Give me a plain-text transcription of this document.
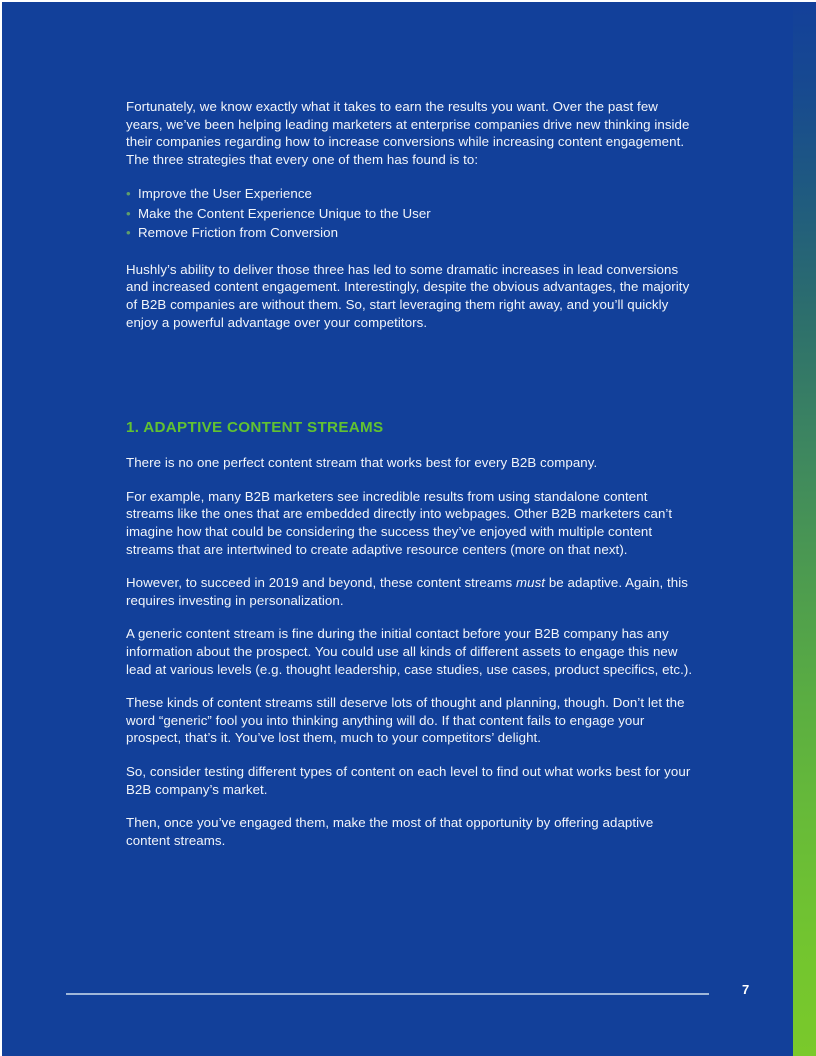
Fortunately, we know exactly what it takes to earn the results you want. Over the past few years, we’ve been helping leading marketers at enterprise companies drive new thinking inside their companies regarding how to increase conversions while increasing content engagement. The three strategies that every one of them has found is to:

• Improve the User Experience
• Make the Content Experience Unique to the User
• Remove Friction from Conversion

Hushly’s ability to deliver those three has led to some dramatic increases in lead conversions and increased content engagement. Interestingly, despite the obvious advantages, the majority of B2B companies are without them. So, start leveraging them right away, and you’ll quickly enjoy a powerful advantage over your competitors.

1. ADAPTIVE CONTENT STREAMS

There is no one perfect content stream that works best for every B2B company.

For example, many B2B marketers see incredible results from using standalone content streams like the ones that are embedded directly into webpages. Other B2B marketers can’t imagine how that could be considering the success they’ve enjoyed with multiple content streams that are intertwined to create adaptive resource centers (more on that next).

However, to succeed in 2019 and beyond, these content streams must be adaptive. Again, this requires investing in personalization.

A generic content stream is fine during the initial contact before your B2B company has any information about the prospect. You could use all kinds of different assets to engage this new lead at various levels (e.g. thought leadership, case studies, use cases, product specifics, etc.).

These kinds of content streams still deserve lots of thought and planning, though. Don’t let the word “generic” fool you into thinking anything will do. If that content fails to engage your prospect, that’s it. You’ve lost them, much to your competitors’ delight.

So, consider testing different types of content on each level to find out what works best for your B2B company’s market.

Then, once you’ve engaged them, make the most of that opportunity by offering adaptive content streams.

7
